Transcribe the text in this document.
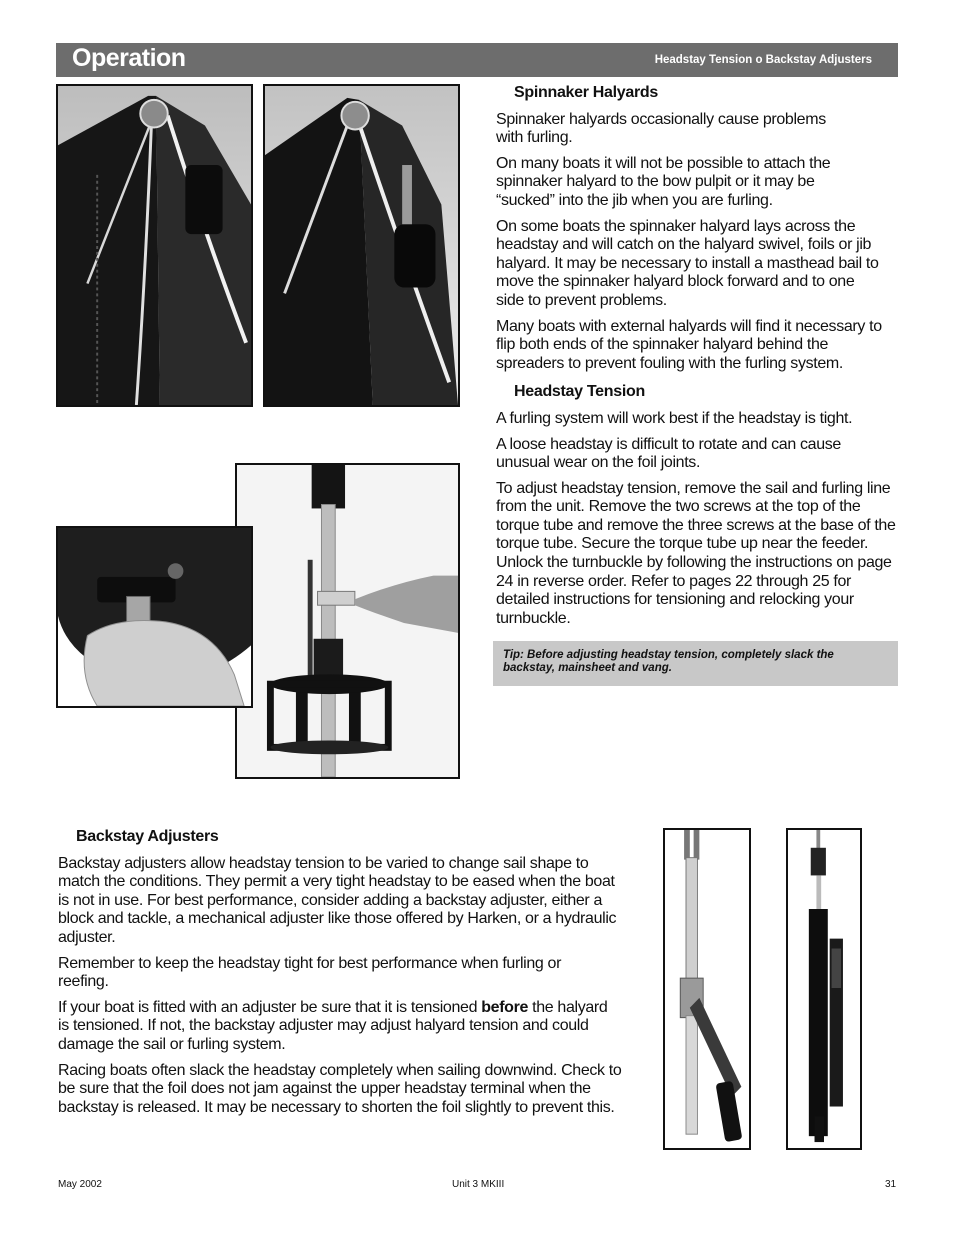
Operation	Headstay Tension o Backstay Adjusters
Spinnaker Halyards

Spinnaker halyards occasionally cause problems with furling.

On many boats it will not be possible to attach the spinnaker halyard to the bow pulpit or it may be “sucked” into the jib when you are furling.

On some boats the spinnaker halyard lays across the headstay and will catch on the halyard swivel, foils or jib halyard. It may be necessary to install a masthead bail to move the spinnaker halyard block forward and to one side to prevent problems.

Many boats with external halyards will find it necessary to flip both ends of the spinnaker halyard behind the spreaders to prevent fouling with the furling system.

Headstay Tension

A furling system will work best if the headstay is tight.

A loose headstay is difficult to rotate and can cause unusual wear on the foil joints.

To adjust headstay tension, remove the sail and furling line from the unit. Remove the two screws at the top of the torque tube and remove the three screws at the base of the torque tube. Secure the torque tube up near the feeder. Unlock the turnbuckle by following the instructions on page 24 in reverse order. Refer to pages 22 through 25 for detailed instructions for tensioning and relocking your turnbuckle.

Tip: Before adjusting headstay tension, completely slack the backstay, mainsheet and vang.
Backstay Adjusters

Backstay adjusters allow headstay tension to be varied to change sail shape to match the conditions. They permit a very tight headstay to be eased when the boat is not in use. For best performance, consider adding a backstay adjuster, either a block and tackle, a mechanical adjuster like those offered by Harken, or a hydraulic adjuster.

Remember to keep the headstay tight for best performance when furling or reefing.

If your boat is fitted with an adjuster be sure that it is tensioned before the halyard is tensioned. If not, the backstay adjuster may adjust halyard tension and could damage the sail or furling system.

Racing boats often slack the headstay completely when sailing downwind. Check to be sure that the foil does not jam against the upper headstay terminal when the backstay is released. It may be necessary to shorten the foil slightly to prevent this.

May 2002	Unit 3 MKIII	31
